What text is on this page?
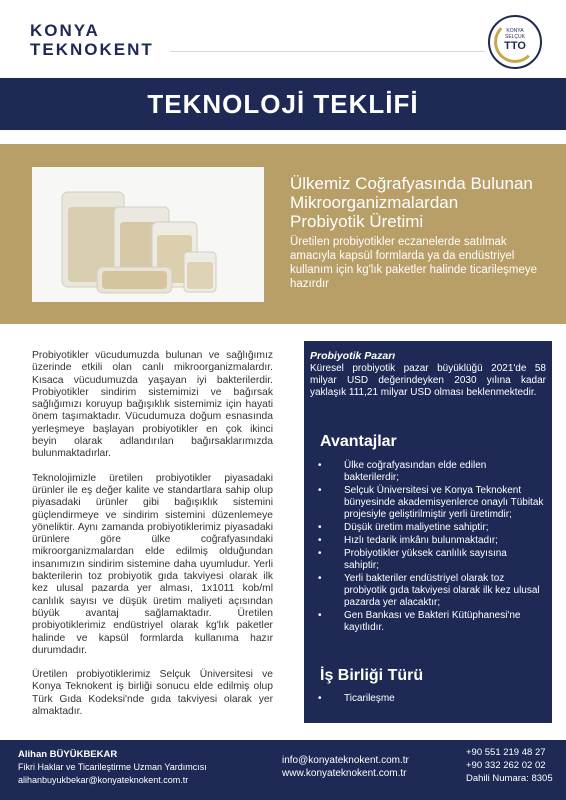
KONYA
TEKNOKENT
KONYA
SELÇUK
TTO
TEKNOLOJİ TEKLİFİ
Ülkemiz Coğrafyasında Bulunan
Mikroorganizmalardan
Probiyotik Üretimi
Üretilen probiyotikler eczanelerde satılmak
amacıyla kapsül formlarda ya da endüstriyel
kullanım için kg'lık paketler halinde ticarileşmeye
hazırdır

Probiyotikler vücudumuzda bulunan ve sağlığımız üzerinde etkili olan canlı mikroorganizmalardır. Kısaca vücudumuzda yaşayan iyi bakterilerdir. Probiyotikler sindirim sistemimizi ve bağırsak sağlığımızı koruyup bağışıklık sistemimiz için hayati önem taşımaktadır. Vücudumuza doğum esnasında yerleşmeye başlayan probiyotikler en çok ikinci beyin olarak adlandırılan bağırsaklarımızda bulunmaktadırlar.

Teknolojimizle üretilen probiyotikler piyasadaki ürünler ile eş değer kalite ve standartlara sahip olup piyasadaki ürünler gibi bağışıklık sistemini güçlendirmeye ve sindirim sistemini düzenlemeye yöneliktir. Aynı zamanda probiyotiklerimiz piyasadaki ürünlere göre ülke coğrafyasındaki mikroorganizmalardan elde edilmiş olduğundan insanımızın sindirim sistemine daha uyumludur. Yerli bakterilerin toz probiyotik gıda takviyesi olarak ilk kez ulusal pazarda yer alması, 1x1011 kob/ml canlılık sayısı ve düşük üretim maliyeti açısından büyük avantaj sağlamaktadır. Üretilen probiyotiklerimiz endüstriyel olarak kg'lık paketler halinde ve kapsül formlarda kullanıma hazır durumdadır.

Üretilen probiyotiklerimiz Selçuk Üniversitesi ve Konya Teknokent iş birliği sonucu elde edilmiş olup Türk Gıda Kodeksi'nde gıda takviyesi olarak yer almaktadır.

Probiyotik Pazarı
Küresel probiyotik pazar büyüklüğü 2021'de 58 milyar USD değerindeyken 2030 yılına kadar yaklaşık 111,21 milyar USD olması beklenmektedir.
Avantajlar
• Ülke coğrafyasından elde edilen bakterilerdir;
• Selçuk Üniversitesi ve Konya Teknokent bünyesinde akademisyenlerce onaylı Tübitak projesiyle geliştirilmiştir yerli üretimdir;
• Düşük üretim maliyetine sahiptir;
• Hızlı tedarik imkânı bulunmaktadır;
• Probiyotikler yüksek canlılık sayısına sahiptir;
• Yerli bakteriler endüstriyel olarak toz probiyotik gıda takviyesi olarak ilk kez ulusal pazarda yer alacaktır;
• Gen Bankası ve Bakteri Kütüphanesi'ne kayıtlıdır.
İş Birliği Türü
• Ticarileşme
Alihan BÜYÜKBEKAR
Fikri Haklar ve Ticarileştirme Uzman Yardımcısı
alihanbuyukbekar@konyateknokent.com.tr
info@konyateknokent.com.tr
www.konyateknokent.com.tr
+90 551 219 48 27
+90 332 262 02 02
Dahili Numara: 8305
